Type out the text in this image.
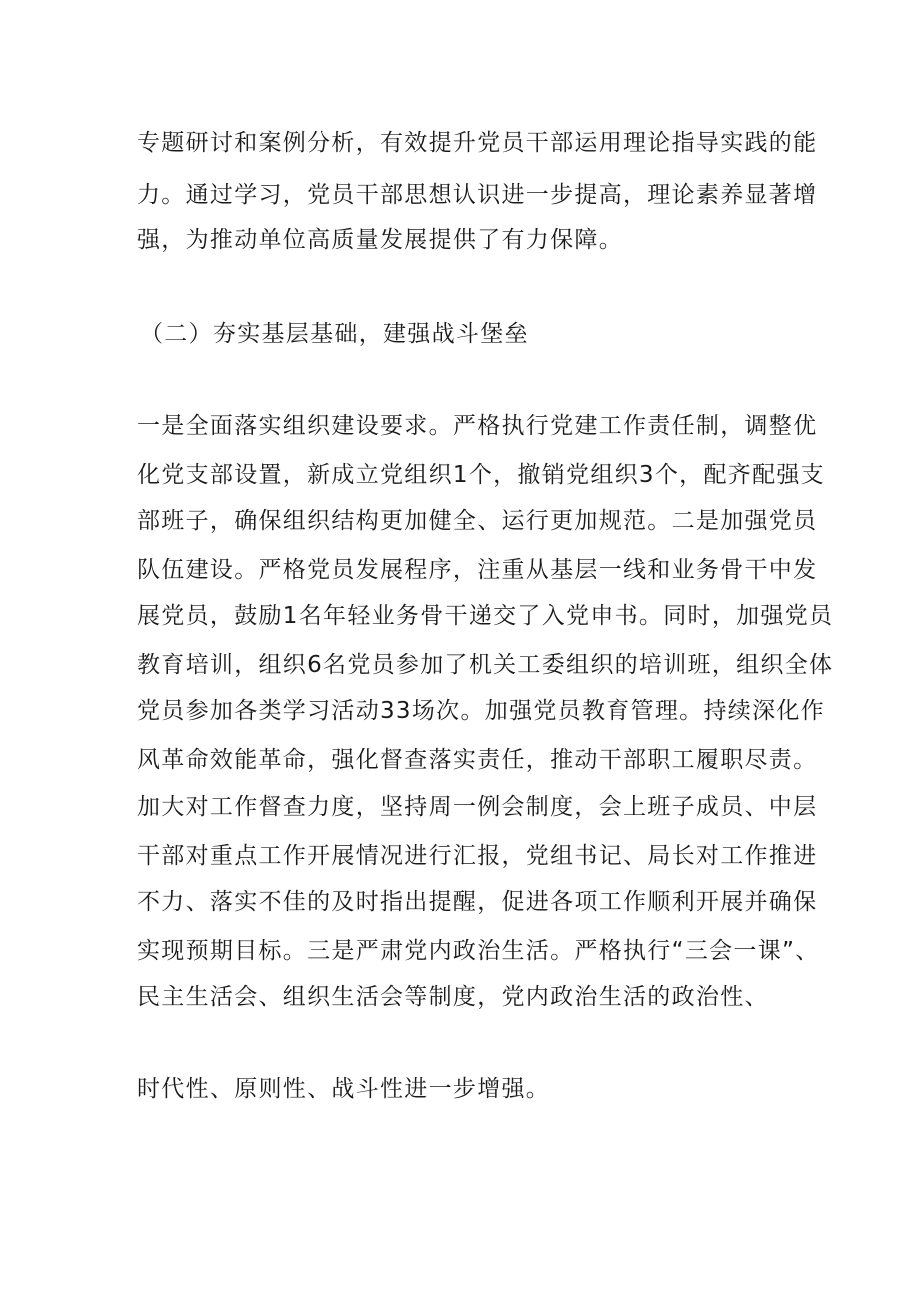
专题研讨和案例分析，有效提升党员干部运用理论指导实践的能
力。通过学习，党员干部思想认识进一步提高，理论素养显著增
强，为推动单位高质量发展提供了有力保障。
（二）夯实基层基础，建强战斗堡垒
一是全面落实组织建设要求。严格执行党建工作责任制，调整优
化党支部设置，新成立党组织1个，撤销党组织3个，配齐配强支
部班子，确保组织结构更加健全、运行更加规范。二是加强党员
队伍建设。严格党员发展程序，注重从基层一线和业务骨干中发
展党员，鼓励1名年轻业务骨干递交了入党申书。同时，加强党员
教育培训，组织6名党员参加了机关工委组织的培训班，组织全体
党员参加各类学习活动33场次。加强党员教育管理。持续深化作
风革命效能革命，强化督查落实责任，推动干部职工履职尽责。
加大对工作督查力度，坚持周一例会制度，会上班子成员、中层
干部对重点工作开展情况进行汇报，党组书记、局长对工作推进
不力、落实不佳的及时指出提醒，促进各项工作顺利开展并确保
实现预期目标。三是严肃党内政治生活。严格执行“三会一课”、
民主生活会、组织生活会等制度，党内政治生活的政治性、
时代性、原则性、战斗性进一步增强。
